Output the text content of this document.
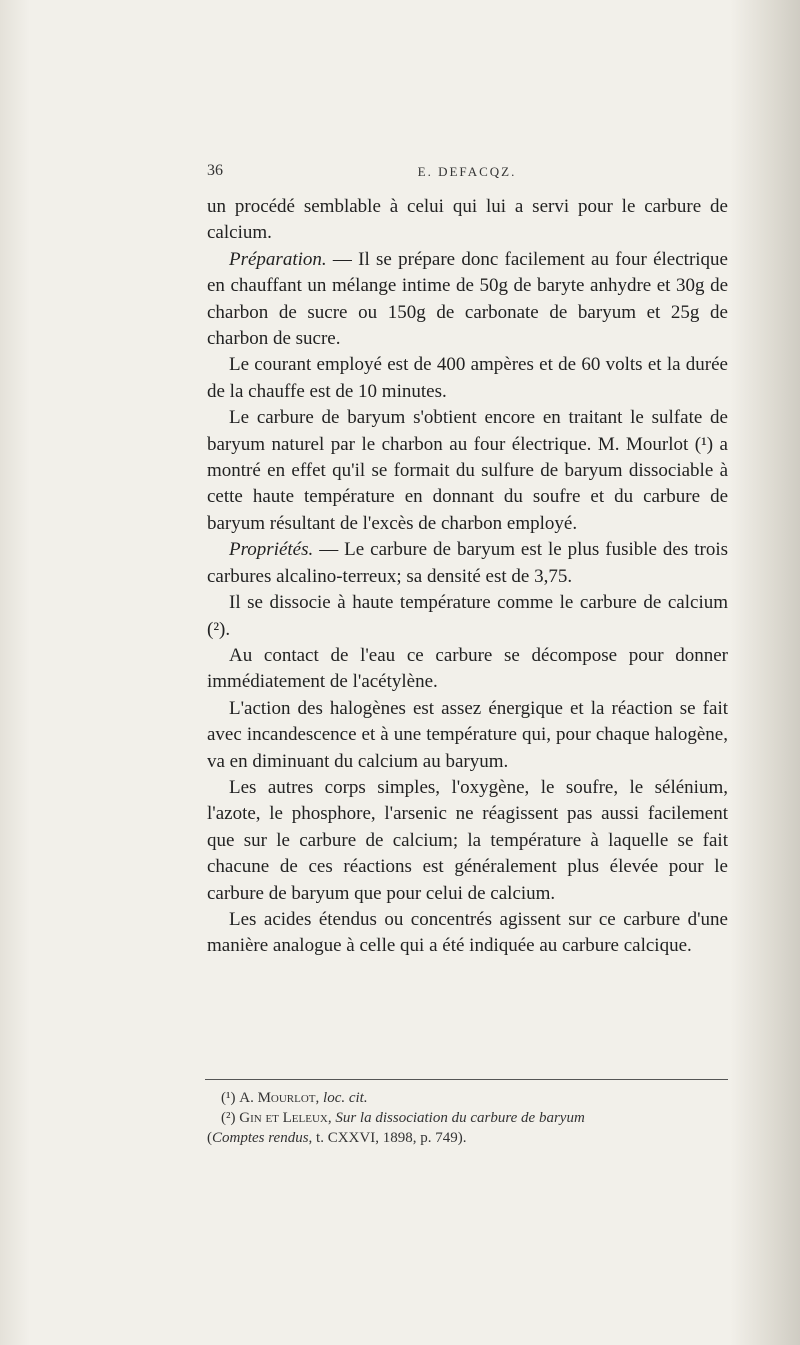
36	E. DEFACQZ.

un procédé semblable à celui qui lui a servi pour le carbure de calcium.

Préparation. — Il se prépare donc facilement au four électrique en chauffant un mélange intime de 50g de baryte anhydre et 30g de charbon de sucre ou 150g de carbonate de baryum et 25g de charbon de sucre.

Le courant employé est de 400 ampères et de 60 volts et la durée de la chauffe est de 10 minutes.

Le carbure de baryum s'obtient encore en traitant le sulfate de baryum naturel par le charbon au four électrique. M. Mourlot (¹) a montré en effet qu'il se formait du sulfure de baryum dissociable à cette haute température en donnant du soufre et du carbure de baryum résultant de l'excès de charbon employé.

Propriétés. — Le carbure de baryum est le plus fusible des trois carbures alcalino-terreux; sa densité est de 3,75.

Il se dissocie à haute température comme le carbure de calcium (²).

Au contact de l'eau ce carbure se décompose pour donner immédiatement de l'acétylène.

L'action des halogènes est assez énergique et la réaction se fait avec incandescence et à une température qui, pour chaque halogène, va en diminuant du calcium au baryum.

Les autres corps simples, l'oxygène, le soufre, le sélénium, l'azote, le phosphore, l'arsenic ne réagissent pas aussi facilement que sur le carbure de calcium; la température à laquelle se fait chacune de ces réactions est généralement plus élevée pour le carbure de baryum que pour celui de calcium.

Les acides étendus ou concentrés agissent sur ce carbure d'une manière analogue à celle qui a été indiquée au carbure calcique.

(¹) A. Mourlot, loc. cit.

(²) Gin et Leleux, Sur la dissociation du carbure de baryum

(Comptes rendus, t. CXXVI, 1898, p. 749).
